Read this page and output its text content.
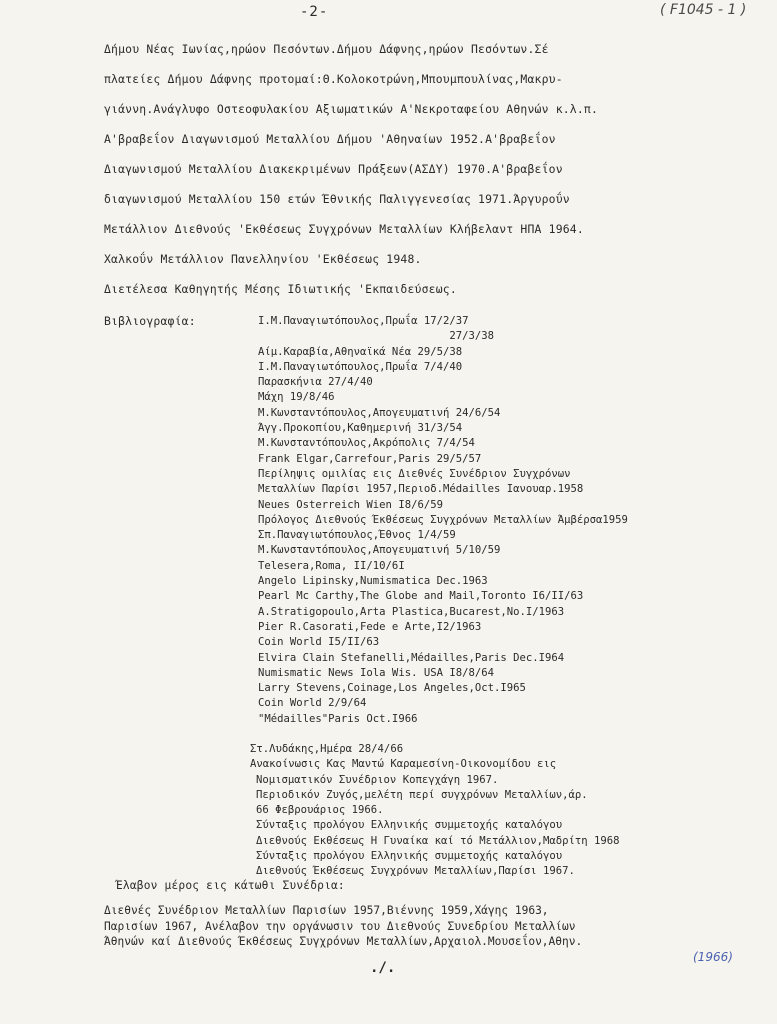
-2-	( F1045 - 1 )
Δήμου Νέας Ιωνίας,ηρώον Πεσόντων.Δήμου Δάφνης,ηρώον Πεσόντων.Σέ
πλατείες Δήμου Δάφνης προτομαί:Θ.Κολοκοτρώνη,Μπουμπουλίνας,Μακρυ-
γιάννη.Ανάγλυφο Οστεοφυλακίου Αξιωματικών Α'Νεκροταφείου Αθηνών κ.λ.π.
Α'βραβεΐον Διαγωνισμού Μεταλλίου Δήμου 'Αθηναίων 1952.Α'βραβεΐον
Διαγωνισμού Μεταλλίου Διακεκριμένων Πράξεων(ΑΣΔΥ) 1970.Α'βραβεΐον
διαγωνισμού Μεταλλίου 150 ετών Έθνικής Παλιγγενεσίας 1971.Άργυροΰν
Μετάλλιον Διεθνούς 'Εκθέσεως Συγχρόνων Μεταλλίων Κλήβελαντ ΗΠΑ 1964.
Χαλκοΰν Μετάλλιον Πανελληνίου 'Εκθέσεως 1948.
Διετέλεσα Καθηγητής Μέσης Ιδιωτικής 'Εκπαιδεύσεως.
Βιβλιογραφία:	Ι.Μ.Παναγιωτόπουλος,Πρωΐα 17/2/37
27/3/38
Αίμ.Καραβία,Αθηναϊκά Νέα 29/5/38
Ι.Μ.Παναγιωτόπουλος,Πρωΐα 7/4/40
Παρασκήνια 27/4/40
Μάχη 19/8/46
Μ.Κωνσταντόπουλος,Απογευματινή 24/6/54
Άγγ.Προκοπίου,Καθημερινή 31/3/54
Μ.Κωνσταντόπουλος,Ακρόπολις 7/4/54
Frank Elgar,Carrefour,Paris 29/5/57
Περίληψις ομιλίας εις Διεθνές Συνέδριον Συγχρόνων
Μεταλλίων Παρίσι 1957,Περιοδ.Médailles Ιανουαρ.1958
Neues Osterreich Wien I8/6/59
Πρόλογος Διεθνούς Έκθέσεως Συγχρόνων Μεταλλίων Άμβέρσα1959
Σπ.Παναγιωτόπουλος,Έθνος 1/4/59
Μ.Κωνσταντόπουλος,Απογευματινή 5/10/59
Telesera,Roma, II/10/6I
Angelo Lipinsky,Numismatica Dec.1963
Pearl Mc Carthy,The Globe and Mail,Toronto I6/II/63
A.Stratigopoulo,Arta Plastica,Bucarest,No.I/1963
Pier R.Casorati,Fede e Arte,I2/1963
Coin World I5/II/63
Elvira Clain Stefanelli,Médailles,Paris Dec.I964
Numismatic News Iola Wis. USA I8/8/64
Larry Stevens,Coinage,Los Angeles,Oct.I965
Coin World 2/9/64
"Médailles"Paris Oct.I966
Στ.Λυδάκης,Ημέρα 28/4/66
Ανακοίνωσις Κας Μαντώ Καραμεσίνη-Οικονομίδου εις
Νομισματικόν Συνέδριον Κοπεγχάγη 1967.
Περιοδικόν Ζυγός,μελέτη περί συγχρόνων Μεταλλίων,άρ.
66 Φεβρουάριος 1966.
Σύνταξις προλόγου Ελληνικής συμμετοχής καταλόγου
Διεθνούς Εκθέσεως Η Γυναίκα καί τό Μετάλλιον,Μαδρίτη 1968
Σύνταξις προλόγου Ελληνικής συμμετοχής καταλόγου
Διεθνούς Έκθέσεως Συγχρόνων Μεταλλίων,Παρίσι 1967.
Έλαβον μέρος εις κάτωθι Συνέδρια:
Διεθνές Συνέδριον Μεταλλίων Παρισίων 1957,Βιέννης 1959,Χάγης 1963,
Παρισίων 1967, Ανέλαβον την οργάνωσιν του Διεθνούς Συνεδρίου Μεταλλίων
Άθηνών καί Διεθνούς Έκθέσεως Συγχρόνων Μεταλλίων,Αρχαιολ.Μουσεΐον,Αθην.
./.
(1966)
